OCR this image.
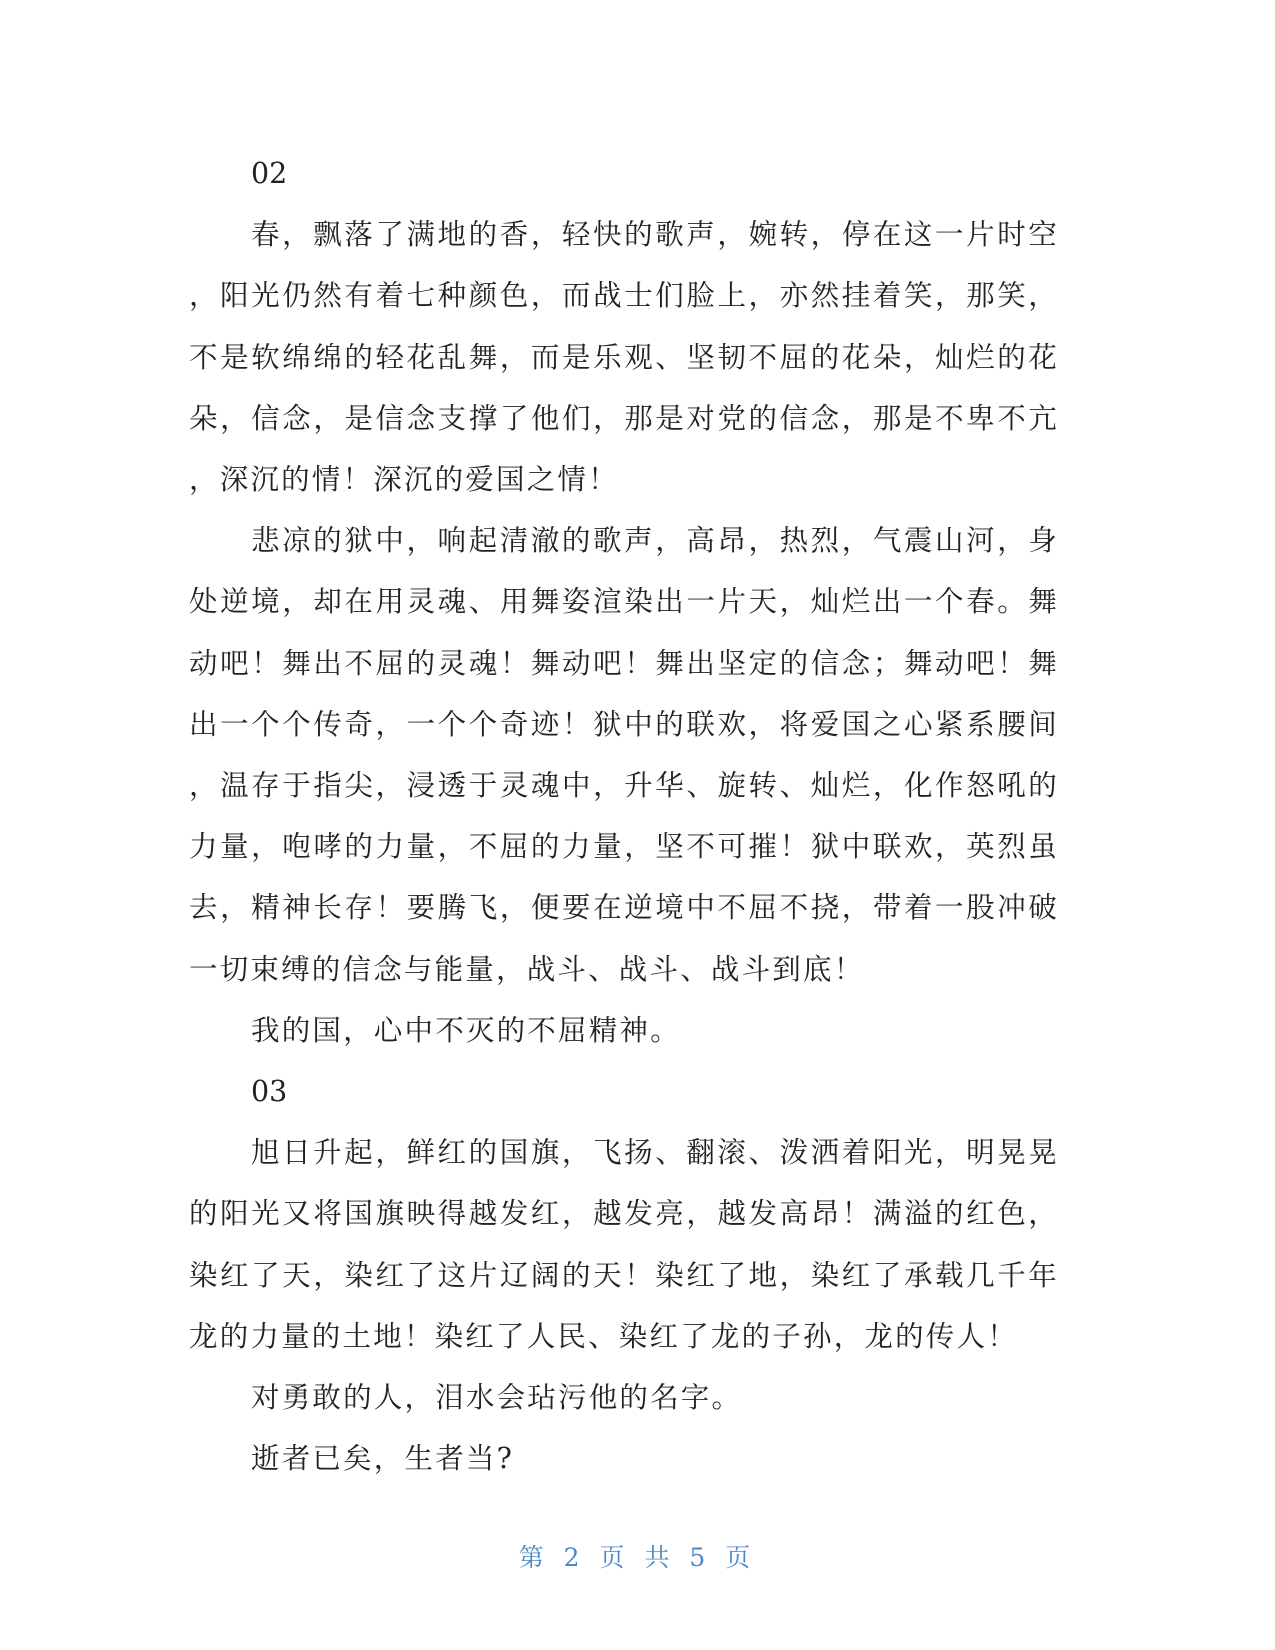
02

春，飘落了满地的香，轻快的歌声，婉转，停在这一片时空，阳光仍然有着七种颜色，而战士们脸上，亦然挂着笑，那笑，不是软绵绵的轻花乱舞，而是乐观、坚韧不屈的花朵，灿烂的花朵，信念，是信念支撑了他们，那是对党的信念，那是不卑不亢，深沉的情！深沉的爱国之情！

悲凉的狱中，响起清澈的歌声，高昂，热烈，气震山河，身处逆境，却在用灵魂、用舞姿渲染出一片天，灿烂出一个春。舞动吧！舞出不屈的灵魂！舞动吧！舞出坚定的信念；舞动吧！舞出一个个传奇，一个个奇迹！狱中的联欢，将爱国之心紧系腰间，温存于指尖，浸透于灵魂中，升华、旋转、灿烂，化作怒吼的力量，咆哮的力量，不屈的力量，坚不可摧！狱中联欢，英烈虽去，精神长存！要腾飞，便要在逆境中不屈不挠，带着一股冲破一切束缚的信念与能量，战斗、战斗、战斗到底！

我的国，心中不灭的不屈精神。

03

旭日升起，鲜红的国旗，飞扬、翻滚、泼洒着阳光，明晃晃的阳光又将国旗映得越发红，越发亮，越发高昂！满溢的红色，染红了天，染红了这片辽阔的天！染红了地，染红了承载几千年龙的力量的土地！染红了人民、染红了龙的子孙，龙的传人！

对勇敢的人，泪水会玷污他的名字。

逝者已矣，生者当?

第 2 页 共 5 页
